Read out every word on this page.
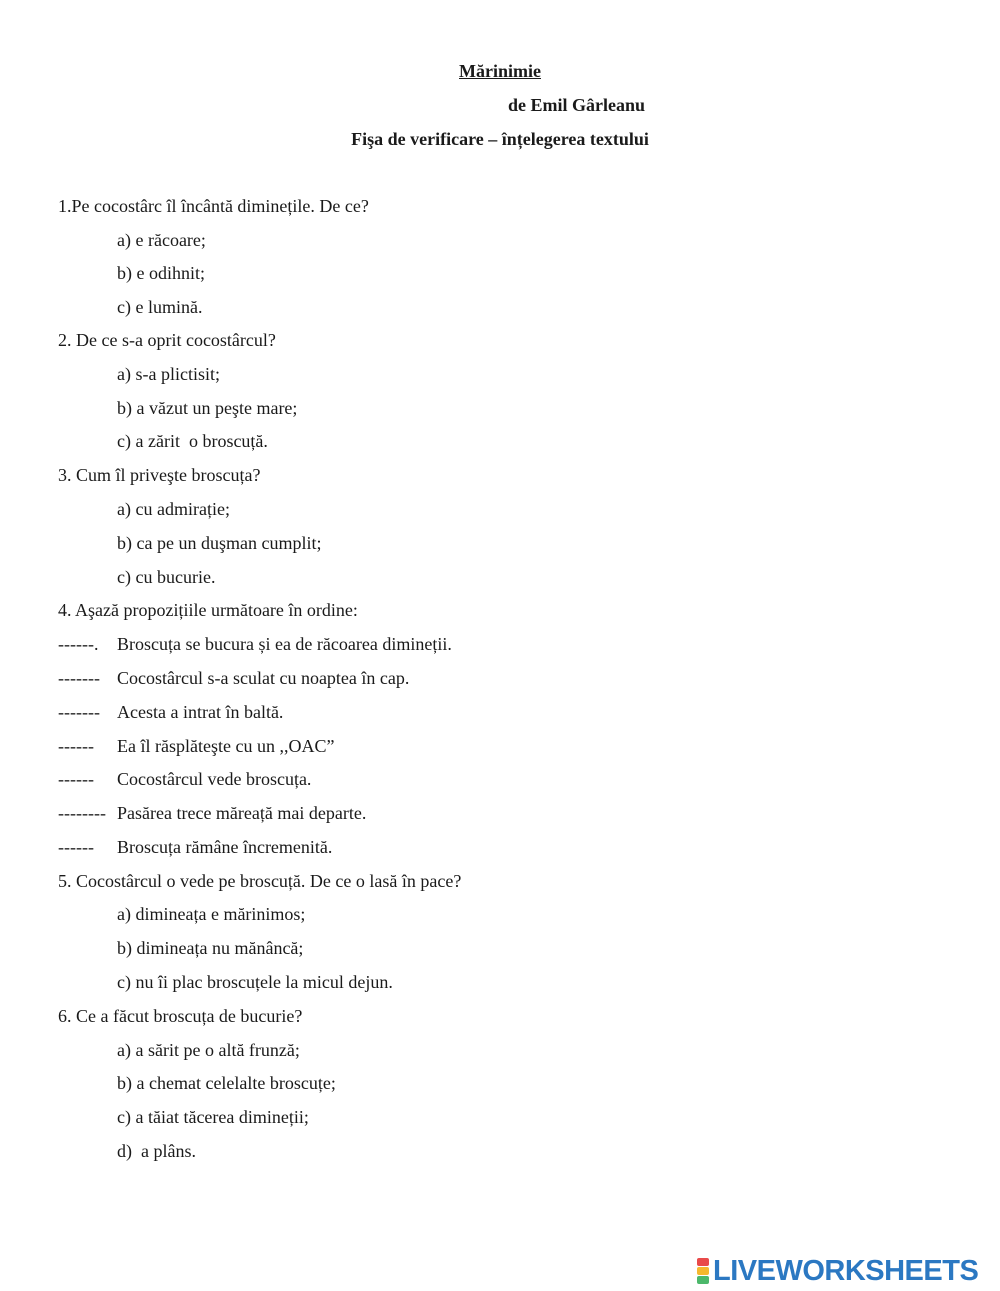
Mărinimie
de Emil Gârleanu
Fişa de verificare – înțelegerea textului
1.Pe cocostârc îl încântă diminețile. De ce?
a) e răcoare;
b) e odihnit;
c) e lumină.
2. De ce s-a oprit cocostârcul?
a) s-a plictisit;
b) a văzut un peşte mare;
c) a zărit  o broscuță.
3. Cum îl priveşte broscuța?
a) cu admirație;
b) ca pe un duşman cumplit;
c) cu bucurie.
4. Aşază propozițiile următoare în ordine:
------. Broscuța se bucura și ea de răcoarea dimineții.
------- Cocostârcul s-a sculat cu noaptea în cap.
------- Acesta a intrat în baltă.
------ Ea îl răsplăteşte cu un ,,OAC”
------ Cocostârcul vede broscuța.
-------- Pasărea trece măreață mai departe.
------ Broscuța rămâne încremenită.
5. Cocostârcul o vede pe broscuță. De ce o lasă în pace?
a) dimineața e mărinimos;
b) dimineața nu mănâncă;
c) nu îi plac broscuțele la micul dejun.
6. Ce a făcut broscuța de bucurie?
a) a sărit pe o altă frunză;
b) a chemat celelalte broscuțe;
c) a tăiat tăcerea dimineții;
d)  a plâns.
LIVEWORKSHEETS
